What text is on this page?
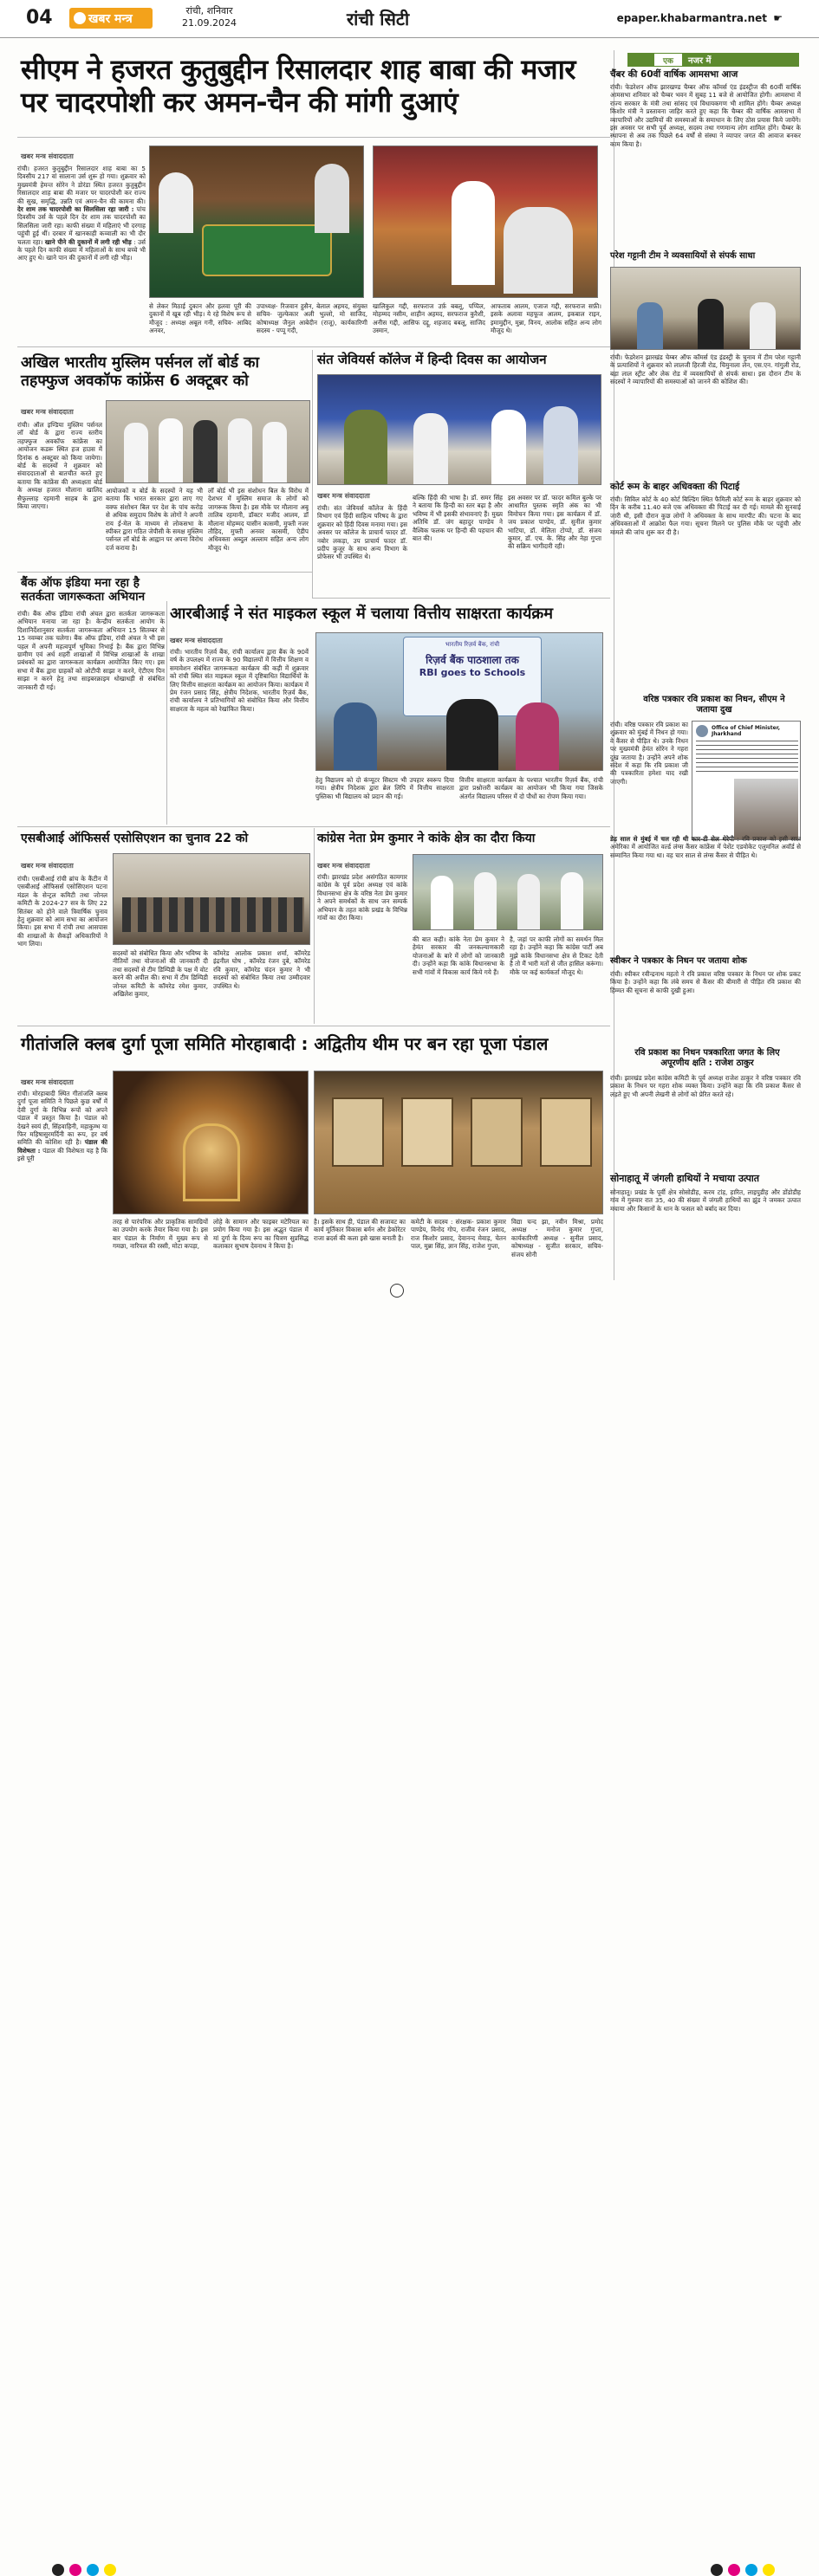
04	खबर मन्त्र
रांची, शनिवार
21.09.2024	रांची सिटी	epaper.khabarmantra.net ☛
सीएम ने हजरत कुतुबुद्दीन रिसालदार शाह बाबा की मजार पर चादरपोशी कर अमन-चैन की मांगी दुआएं
खबर मन्त्र संवाददाता
रांची। हजरत कुतुबुद्दीन रिसालदार शाह बाबा का 5 दिवसीय 217 वां सालाना उर्स शुरू हो गया। शुक्रवार को मुख्यमंत्री हेमन्त सोरेन ने डोरंडा स्थित हजरत कुतुबुद्दीन रिसालदार शाह बाबा की मजार पर चादरपोशी कर राज्य की सुख, समृद्धि, उन्नति एवं अमन-चैन की कामना की। देर शाम तक चादरपोशी का सिलसिला रहा जारी : पांच दिवसीय उर्स के पहले दिन देर शाम तक चादरपोशी का सिलसिला जारी रहा। काफी संख्या में महिलाएं भी दरगाह पहुंची हुई थीं। दरबार में खानकाही कव्वाली का भी दौर चलता रहा। खाने पीने की दुकानों में लगी रही भीड़ : उर्स के पहले दिन काफी संख्या में महिलाओं के साथ बच्चे भी आए हुए थे। खाने पान की दुकानों में लगी रही भीड़।
से लेकर मिठाई दुकान और हलवा पूरी की दुकानों में खूब रही भीड़। ये रहे विशेष रूप से मौजूद : अध्यक्ष अबूल गनी, सचिव- आबिद अनवर,
उपाध्यक्ष- रिजवान हुसैन, बेलाल अहमद, संयुक्त सचिव- जुल्फेकार अली भुल्लो, मो साजिद, कोषाध्यक्ष जैनुल आबेदीन (राजू), कार्यकारिणी सदस्य - पप्पू गदी,
खालिकुल गद्दी, सरफराज उर्फ़ बबलू, पप्पिल, मोहम्मद नसीम, शाहीन अहमद, सरफराज कुरैशी, अनीस गद्दी, आसिफ दद्दू, शहजाद बबलू, साजिद उस्मान,
आफताब आलम, एजाज गद्दी, सरफराज सफ़ी। इसके अलावा महफूज आलम, इकबाल राइन, इमामुद्दीन, मुन्ना, विनय, आलोक सहित अन्य लोग मौजूद थे।
अखिल भारतीय मुस्लिम पर्सनल लॉ बोर्ड का तहफ्फुज अवकॉफ कांफ्रेंस 6 अक्टूबर को
खबर मन्त्र संवाददाता
रांची। ऑल इण्डिया मुस्लिम पर्सनल लॉ बोर्ड के द्वारा राज्य स्तरीय तहफ्फुज अवकॉफ कांफ्रेंस का आयोजन कडरू स्थित हज हाउस में दिनांक 6 अक्टूबर को किया जायेगा। बोर्ड के सदस्यों ने शुक्रवार को संवाददाताओं से बातचीत करते हुए बताया कि कांफ्रेंस की अध्यक्षता बोर्ड के अध्यक्ष हजरत मौलाना खालिद सैफुल्लाह रहमानी साहब के द्वारा किया जाएगा।
आयोजकों व बोर्ड के सदस्यों ने यह भी बताया कि भारत सरकार द्वारा लाए गए वक्फ संशोधन बिल पर देश के पांच करोड़ से अधिक समुदाय विशेष के लोगों ने अपनी राय ई-मेल के माध्यम से लोकसभा के स्पीकर द्वारा गठित जेपीसी के समक्ष मुस्लिम पर्सनल लॉ बोर्ड के आह्वान पर अपना विरोध दर्ज कराया है।
लॉ बोर्ड भी इस संशोधन बिल के विरोध में देशभर में मुस्लिम समाज के लोगों को जागरूक किया है। इस मौके पर मौलाना अबू तालिब रहमानी, डॉक्टर मजीद आलम, डॉ मौलाना मोहम्मद यासीन कासमी, मुफ्ती नजर तौहिद, मुफ्ती अनवर कासमी, ऐडीप अधिवक्ता अब्दुल अल्लाम सहित अन्य लोग मौजूद थे।
संत जेवियर्स कॉलेज में हिन्दी दिवस का आयोजन
खबर मन्त्र संवाददाता
रांची। संत जेवियर्स कॉलेज के हिंदी विभाग एवं हिंदी साहित्य परिषद के द्वारा शुक्रवार को हिंदी दिवस मनाया गया। इस अवसर पर कॉलेज के प्राचार्य फादर डॉ. नबोर लकड़ा, उप प्राचार्य फादर डॉ. प्रदीप कुजूर के साथ अन्य विभाग के प्रोफेसर भी उपस्थित थे।
बल्कि हिंदी की भाषा है। डॉ. समर सिंह ने बताया कि हिन्दी का स्तर बढ़ा है और भविष्य में भी इसकी संभावनाएं हैं। मुख्य अतिथि डॉ. जंग बहादुर पाण्डेय ने वैश्विक फलक पर हिन्दी की पहचान की बात की।
इस अवसर पर डॉ. फादर कमिल बुल्के पर आधारित पुस्तक स्मृति अंक का भी विमोचन किया गया। इस कार्यक्रम में डॉ. जय प्रकाश पाण्डेय, डॉ. सुनील कुमार भाटिया, डॉ. मेलिता टोप्पो, डॉ. संजय कुमार, डॉ. एच. के. सिंह और नेहा गुप्ता की सक्रिय भागीदारी रही।
बैंक ऑफ इंडिया मना रहा है सतर्कता जागरूकता अभियान
रांची। बैंक ऑफ इंडिया रांची अंचल द्वारा सतर्कता जागरूकता अभियान मनाया जा रहा है। केन्द्रीय सतर्कता आयोग के दिशानिर्देशानुसार सतर्कता जागरूकता अभियान 15 सितम्बर से 15 नवम्बर तक चलेगा। बैंक ऑफ इंडिया, रांची अंचल ने भी इस पहल में अपनी महत्वपूर्ण भूमिका निभाई है। बैंक द्वारा विभिन्न ग्रामीण एवं अर्ध शहरी शाखाओं में विभिन्न शाखाओं के शाखा प्रबंधकों का द्वारा जागरूकता कार्यक्रम आयोजित किए गए। इस सभा में बैंक द्वारा ग्राहकों को ओटीपी साझा न करने, ऐटीएम पिन साझा न करने हेतु तथा साइबरक्राइम धोखाधड़ी से संबंधित जानकारी दी गई।
आरबीआई ने संत माइकल स्कूल में चलाया वित्तीय साक्षरता कार्यक्रम
खबर मन्त्र संवाददाता
रांची। भारतीय रिज़र्व बैंक, रांची कार्यालय द्वारा बैंक के 90वें वर्ष के उपलक्ष्य में राज्य के 90 विद्यालयों में वित्तीय शिक्षण व समावेशन संबंधित जागरूकता कार्यक्रम की कड़ी में शुक्रवार को रांची स्थित संत माइकल स्कूल में दृष्टिबाधित विद्यार्थियों के लिए वित्तीय साक्षरता कार्यक्रम का आयोजन किया। कार्यक्रम में प्रेम रंजन प्रसाद सिंह, क्षेत्रीय निदेशक, भारतीय रिज़र्व बैंक, रांची कार्यालय ने प्रतिभागियों को संबोधित किया और वित्तीय साक्षरता के महत्व को रेखांकित किया।
भारतीय रिज़र्व बैंक, रांची
रिज़र्व बैंक पाठशाला तक
RBI goes to Schools
हेतु विद्यालय को दो कंप्यूटर सिस्टम भी उपहार स्वरूप दिया गया। क्षेत्रीय निदेशक द्वारा ब्रेल लिपि में वित्तीय साक्षरता पुस्तिका भी विद्यालय को प्रदान की गई।
वित्तीय साक्षरता कार्यक्रम के पश्चात भारतीय रिज़र्व बैंक, रांची द्वारा प्रश्नोत्तरी कार्यक्रम का आयोजन भी किया गया जिसके अंतर्गत विद्यालय परिसर में दो पौधों का रोपण किया गया।
एसबीआई ऑफिसर्स एसोसिएशन का चुनाव 22 को
खबर मन्त्र संवाददाता
रांची। एसबीआई रांची ब्रांच के कैंटीन में एसबीआई ऑफिसर्स एसोसिएशन पटना मंडल के सेन्ट्रल कमिटी तथा जोनल कमिटी के 2024-27 सत्र के लिए 22 सितंबर को होने वाले त्रिवार्षिक चुनाव हेतु शुक्रवार को आम सभा का आयोजन किया। इस सभा में रांची तथा आसपास की शाखाओं के सैकड़ों अधिकारियों ने भाग लिया।
सदस्यों को संबोधित किया और भविष्य के नीतियों तथा योजनाओं की जानकारी दी तथा सदस्यों से टीम डिम्पिडी के पक्ष में वोट करने की अपील की। सभा में टीम डिम्पिडी जोनल कमिटी के कॉमरेड रमेश कुमार, अखिलेश कुमार,
कॉमरेड आलोक प्रकाश शर्मा, कॉमरेड इंद्रनील घोष , कॉमरेड रंजन दुबे, कॉमरेड रवि कुमार, कॉमरेड चंदन कुमार ने भी सदस्यों को संबोधित किया तथा उम्मीदवार उपस्थित थे।
कांग्रेस नेता प्रेम कुमार ने कांके क्षेत्र का दौरा किया
खबर मन्त्र संवाददाता
रांची। झारखंड प्रदेश असंगठित कामगार कांग्रेस के पूर्व प्रदेश अध्यक्ष एवं कांके विधानसभा क्षेत्र के वरिष्ठ नेता प्रेम कुमार ने अपने समर्थकों के साथ जन सम्पर्क अभियान के तहत कांके प्रखंड के विभिन्न गांवों का दौरा किया।
की बात कही। कांके नेता प्रेम कुमार ने हेमंत सरकार की जनकल्याणकारी योजनाओं के बारे में लोगों को जानकारी दी। उन्होंने कहा कि कांके विधानसभा के सभी गांवों में विकास कार्य किये गये हैं।
है, जहां पर काफी लोगों का समर्थन मिल रहा है। उन्होंने कहा कि कांग्रेस पार्टी अब मुझे कांके विधानसभा क्षेत्र से टिकट देती है तो मैं भारी मतों से जीत हासिल करूंगा। मौके पर कई कार्यकर्ता मौजूद थे।
गीतांजलि क्लब दुर्गा पूजा समिति मोरहाबादी : अद्वितीय थीम पर बन रहा पूजा पंडाल
खबर मन्त्र संवाददाता
रांची। मोरहाबादी स्थित गीतांजलि क्लब दुर्गा पूजा समिति ने पिछले कुछ वर्षों में देवी दुर्गा के विभिन्न रूपों को अपने पंडाल में प्रस्तुत किया है। पंडाल को देखने स्वयं ही, सिंहवाहिनी, महाकुम्भ या फिर महिषासुरमर्दिनी का रूप, हर वर्ष समिति की कोशिश रही है। पंडाल की विशेषता : पंडाल की विशेषता यह है कि इसे पूरी
तरह से पारंपरिक और प्राकृतिक सामग्रियों का उपयोग करके तैयार किया गया है। इस बार पंडाल के निर्माण में मुख्य रूप से गमछा, नारियल की रस्सी, मोटा कपड़ा,
लोहे के सामान और फाइबर मटेरियल का प्रयोग किया गया है। इस अद्भुत पंडाल में मां दुर्गा के दिव्य रूप का चित्रण सुप्रसिद्ध कलाकार सुभाष देवनाथ ने किया है।
है। इसके साथ ही, पंडाल की सजावट का कार्य मूर्तिकार विकास बर्मन और डेकोरेटर राजा ब्रदर्स की कला इसे खास बनाती है।
कमेटी के सदस्य : संरक्षक- प्रकाश कुमार पाण्डेय, विनोद गोप, राजीव रंजन प्रसाद, राज किशोर प्रसाद, देवानन्द मेवाड़, चेतन पाल, मुन्ना सिंह, ज्ञान सिंह, राजेश गुप्ता,
विद्या चन्द झा, नवीन मिश्रा, प्रमोद अध्यक्ष - मनोज कुमार गुप्ता, कार्यकारिणी अध्यक्ष - सुनील प्रसाद, कोषाध्यक्ष - सुजीत सरकार, सचिव- संजय सोनी
एक	नजर में
चैंबर की 60वीं वार्षिक आमसभा आज
रांची। फेडरेशन ऑफ झारखण्ड चैम्बर ऑफ कॉमर्स एंड इंडस्ट्रीज की 60वीं वार्षिक आमसभा शनिवार को चैम्बर भवन में सुबह 11 बजे से आयोजित होगी। आमसभा में राज्य सरकार के मंत्री तथा सांसद एवं विधायकगण भी शामिल होंगे। चैम्बर अध्यक्ष किशोर मंत्री ने प्रस्तावना जाहिर करते हुए कहा कि चैम्बर की वार्षिक आमसभा में व्यापारियों और उद्यमियों की समस्याओं के समाधान के लिए ठोस प्रयास किये जायेंगे। इस अवसर पर सभी पूर्व अध्यक्ष, सदस्य तथा गणमान्य लोग शामिल होंगे। चैम्बर के स्थापना से अब तक पिछले 64 वर्षों से संस्था ने व्यापार जगत की आवाज बनकर काम किया है।
परेश गट्टानी टीम ने व्यवसायियों से संपर्क साधा
रांची। फेडरेशन झारखंड चेम्बर ऑफ कॉमर्स एंड इंडस्ट्री के चुनाव में टीम परेश गट्टानी के प्रत्याशियों ने शुक्रवार को लालजी हिरजी रोड, चिमुनाला लेन, एस.एन. गांगुली रोड, बड़ा लाल स्ट्रीट और लेक रोड में व्यवसायियों से संपर्क साधा। इस दौरान टीम के सदस्यों ने व्यापारियों की समस्याओं को जानने की कोशिश की।
कोर्ट रूम के बाहर अधिवक्ता की पिटाई
रांची। सिविल कोर्ट के 40 कोर्ट बिल्डिंग स्थित फैमिली कोर्ट रूम के बाहर शुक्रवार को दिन के करीब 11.40 बजे एक अधिवक्ता की पिटाई कर दी गई। मामले की सुनवाई जारी थी, इसी दौरान कुछ लोगों ने अधिवक्ता के साथ मारपीट की। घटना के बाद अधिवक्ताओं में आक्रोश फैल गया। सूचना मिलने पर पुलिस मौके पर पहुंची और मामले की जांच शुरू कर दी है।
वरिष्ठ पत्रकार रवि प्रकाश का निधन, सीएम ने जताया दुख
रांची। वरिष्ठ पत्रकार रवि प्रकाश का शुक्रवार को मुंबई में निधन हो गया। वे कैंसर से पीड़ित थे। उनके निधन पर मुख्यमंत्री हेमंत सोरेन ने गहरा दुख जताया है। उन्होंने अपने शोक संदेश में कहा कि रवि प्रकाश जी की पत्रकारिता हमेशा याद रखी जाएगी।
Office of Chief Minister, Jharkhand
डेढ़ साल से मुंबई में चल रही थी कार-टी सेल थेरेपी : रवि प्रकाश को इसी साल अमेरिका में आयोजित वर्ल्ड लंग्स कैंसर कांफ्रेंस में पेशेंट एडवोकेट एलुमनिल अवॉर्ड से सम्मानित किया गया था। वह चार साल से लंग्स कैंसर से पीड़ित थे।
स्वीकर ने पत्रकार के निधन पर जताया शोक
रांची। स्पीकर रवीन्द्रनाथ महतो ने रवि प्रकाश वरिष्ठ पत्रकार के निधन पर शोक प्रकट किया है। उन्होंने कहा कि लंबे समय से कैंसर की बीमारी से पीड़ित रवि प्रकाश की हिम्मत की सूचना से काफी दुखी हुआ।
रवि प्रकाश का निधन पत्रकारिता जगत के लिए अपूरणीय क्षति : राजेश ठाकुर
रांची। झारखंड प्रदेश कांग्रेस कमिटी के पूर्व अध्यक्ष राजेश ठाकुर ने वरिष्ठ पत्रकार रवि प्रकाश के निधन पर गहरा शोक व्यक्त किया। उन्होंने कहा कि रवि प्रकाश कैंसर से लड़ते हुए भी अपनी लेखनी से लोगों को प्रेरित करते रहे।
सोनाहातू में जंगली हाथियों ने मचाया उत्पात
सोनाहातू। प्रखंड के पूर्वी क्षेत्र सोसोडीह, करम टांड़, हारित, लाइपुडीह और डोंडोडीह गांव में गुरुवार रात 35, 40 की संख्या में जंगली हाथियों का झुंड ने जमकर उत्पात मचाया और किसानों के धान के फसल को बर्बाद कर दिया।
